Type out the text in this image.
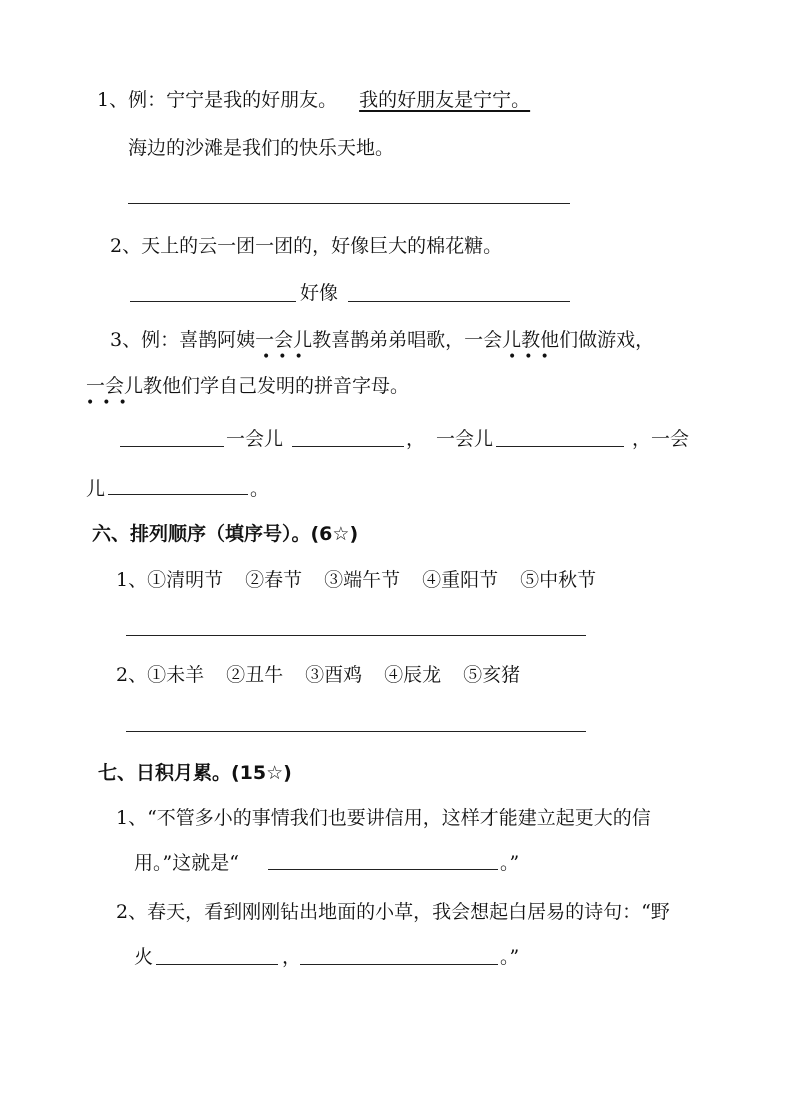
1、例：宁宁是我的好朋友。 我的好朋友是宁宁。
海边的沙滩是我们的快乐天地。
2、天上的云一团一团的，好像巨大的棉花糖。
好像
3、例：喜鹊阿姨一会儿教喜鹊弟弟唱歌，一会儿教他们做游戏，
•••	•••
一会儿教他们学自己发明的拼音字母。
•••
一会儿	， 一会儿	，一会
儿	。
六、排列顺序（填序号）。(6☆)
1、①清明节 ②春节 ③端午节 ④重阳节 ⑤中秋节
2、①未羊 ②丑牛 ③酉鸡 ④辰龙 ⑤亥猪
七、日积月累。(15☆)
1、“不管多小的事情我们也要讲信用，这样才能建立起更大的信
用。”这就是“	。”
2、春天，看到刚刚钻出地面的小草，我会想起白居易的诗句：“野
火	，	。”
